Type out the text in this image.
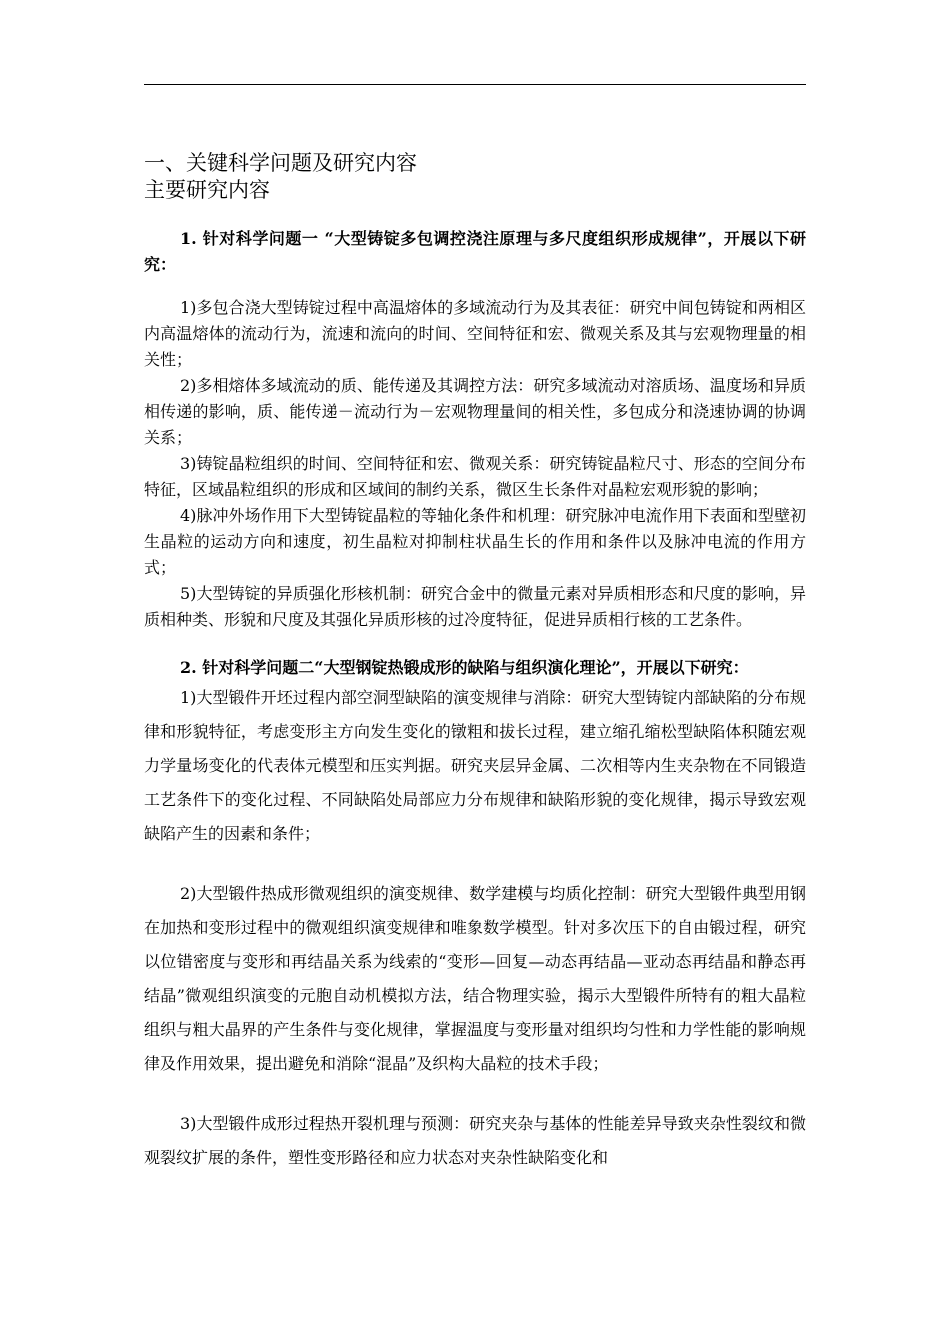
一、关键科学问题及研究内容
主要研究内容
1. 针对科学问题一 “大型铸锭多包调控浇注原理与多尺度组织形成规律”，开展以下研究：
1)多包合浇大型铸锭过程中高温熔体的多域流动行为及其表征：研究中间包铸锭和两相区内高温熔体的流动行为，流速和流向的时间、空间特征和宏、微观关系及其与宏观物理量的相关性；
2)多相熔体多域流动的质、能传递及其调控方法：研究多域流动对溶质场、温度场和异质相传递的影响，质、能传递－流动行为－宏观物理量间的相关性，多包成分和浇速协调的协调关系；
3)铸锭晶粒组织的时间、空间特征和宏、微观关系：研究铸锭晶粒尺寸、形态的空间分布特征，区域晶粒组织的形成和区域间的制约关系，微区生长条件对晶粒宏观形貌的影响；
4)脉冲外场作用下大型铸锭晶粒的等轴化条件和机理：研究脉冲电流作用下表面和型壁初生晶粒的运动方向和速度，初生晶粒对抑制柱状晶生长的作用和条件以及脉冲电流的作用方式；
5)大型铸锭的异质强化形核机制：研究合金中的微量元素对异质相形态和尺度的影响，异质相种类、形貌和尺度及其强化异质形核的过冷度特征，促进异质相行核的工艺条件。
2. 针对科学问题二“大型钢锭热锻成形的缺陷与组织演化理论”，开展以下研究：
1)大型锻件开坯过程内部空洞型缺陷的演变规律与消除：研究大型铸锭内部缺陷的分布规律和形貌特征，考虑变形主方向发生变化的镦粗和拔长过程，建立缩孔缩松型缺陷体积随宏观力学量场变化的代表体元模型和压实判据。研究夹层异金属、二次相等内生夹杂物在不同锻造工艺条件下的变化过程、不同缺陷处局部应力分布规律和缺陷形貌的变化规律，揭示导致宏观缺陷产生的因素和条件；
2)大型锻件热成形微观组织的演变规律、数学建模与均质化控制：研究大型锻件典型用钢在加热和变形过程中的微观组织演变规律和唯象数学模型。针对多次压下的自由锻过程，研究以位错密度与变形和再结晶关系为线索的“变形—回复—动态再结晶—亚动态再结晶和静态再结晶”微观组织演变的元胞自动机模拟方法，结合物理实验，揭示大型锻件所特有的粗大晶粒组织与粗大晶界的产生条件与变化规律，掌握温度与变形量对组织均匀性和力学性能的影响规律及作用效果，提出避免和消除“混晶”及织构大晶粒的技术手段；
3)大型锻件成形过程热开裂机理与预测：研究夹杂与基体的性能差异导致夹杂性裂纹和微观裂纹扩展的条件，塑性变形路径和应力状态对夹杂性缺陷变化和
